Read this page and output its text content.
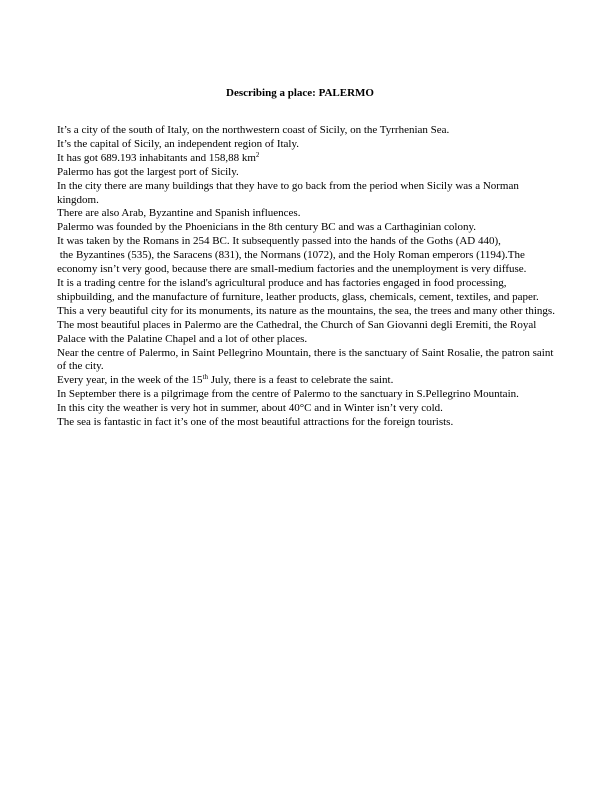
Describing a place: PALERMO

It’s a city of the south of Italy, on the northwestern coast of Sicily, on the Tyrrhenian Sea.

It’s the capital of Sicily, an independent region of Italy.

It has got 689.193 inhabitants and 158,88 $km^2$

Palermo has got the largest port of Sicily.

In the city there are many buildings that they have to go back from the period when Sicily was a Norman kingdom.

There are also Arab, Byzantine and Spanish influences.

Palermo was founded by the Phoenicians in the 8th century BC and was a Carthaginian colony.

It was taken by the Romans in 254 BC. It subsequently passed into the hands of the Goths (AD 440),

the Byzantines (535), the Saracens (831), the Normans (1072), and the Holy Roman emperors (1194).The economy isn’t very good, because there are small-medium factories and the unemployment is very diffuse.

It is a trading centre for the island's agricultural produce and has factories engaged in food processing, shipbuilding, and the manufacture of furniture, leather products, glass, chemicals, cement, textiles, and paper.

This a very beautiful city for its monuments, its nature as the mountains, the sea, the trees and many other things.

The most beautiful places in Palermo are the Cathedral, the Church of San Giovanni degli Eremiti, the Royal Palace with the Palatine Chapel and a lot of other places.

Near the centre of Palermo, in Saint Pellegrino Mountain, there is the sanctuary of Saint Rosalie, the patron saint of the city.

Every year, in the week of the 15th July, there is a feast to celebrate the saint.

In September there is a pilgrimage from the centre of Palermo to the sanctuary in S.Pellegrino Mountain.

In this city the weather is very hot in summer, about 40°C and in Winter isn’t very cold.

The sea is fantastic in fact it’s one of the most beautiful attractions for the foreign tourists.
